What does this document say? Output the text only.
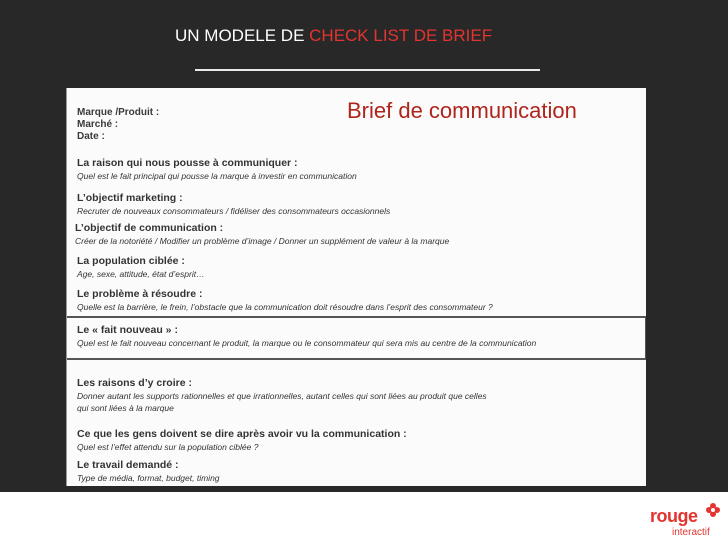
UN MODELE DE CHECK LIST DE BRIEF
Brief de communication
Marque /Produit :
Marché :
Date :
La raison qui nous pousse à communiquer :
Quel est le fait principal qui pousse la marque à investir en communication
L’objectif marketing :
Recruter de nouveaux consommateurs / fidéliser des consommateurs occasionnels
L’objectif de communication :
Créer de la notoriété / Modifier un problème d’image / Donner un supplément de valeur à la marque
La population ciblée :
Age, sexe, attitude, état d’esprit…
Le problème à résoudre :
Quelle est la barrière, le frein, l’obstacle que la communication doit résoudre dans l’esprit des consommateur ?
Le « fait nouveau » :
Quel est le fait nouveau concernant le produit, la marque ou le consommateur qui sera mis au centre de la communication
Les raisons d’y croire :
Donner autant les supports rationnelles et que irrationnelles, autant celles qui sont liées au produit que celles
qui sont liées à la marque
Ce que les gens doivent se dire après avoir vu la communication :
Quel est l’effet attendu sur la population ciblée ?
Le travail demandé :
Type de média, format, budget, timing
rouge
interactif
